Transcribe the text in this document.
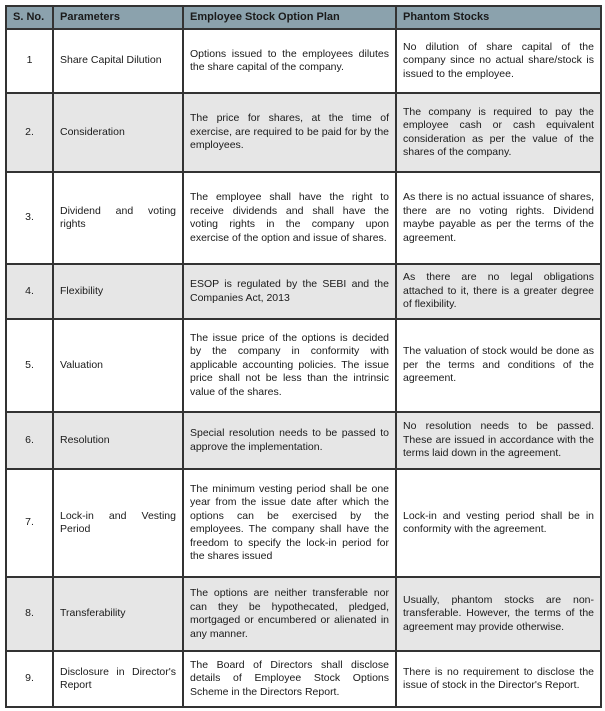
S. No.	Parameters	Employee Stock Option Plan	Phantom Stocks
1	Share Capital Dilution	Options issued to the employees dilutes the share capital of the company.	No dilution of share capital of the company since no actual share/stock is issued to the employee.
2.	Consideration	The price for shares, at the time of exercise, are required to be paid for by the employees.	The company is required to pay the employee cash or cash equivalent consideration as per the value of the shares of the company.
3.	Dividend and voting rights	The employee shall have the right to receive dividends and shall have the voting rights in the company upon exercise of the option and issue of shares.	As there is no actual issuance of shares, there are no voting rights. Dividend maybe payable as per the terms of the agreement.
4.	Flexibility	ESOP is regulated by the SEBI and the Companies Act, 2013	As there are no legal obligations attached to it, there is a greater degree of flexibility.
5.	Valuation	The issue price of the options is decided by the company in conformity with applicable accounting policies. The issue price shall not be less than the intrinsic value of the shares.	The valuation of stock would be done as per the terms and conditions of the agreement.
6.	Resolution	Special resolution needs to be passed to approve the implementation.	No resolution needs to be passed. These are issued in accordance with the terms laid down in the agreement.
7.	Lock-in and Vesting Period	The minimum vesting period shall be one year from the issue date after which the options can be exercised by the employees. The company shall have the freedom to specify the lock-in period for the shares issued	Lock-in and vesting period shall be in conformity with the agreement.
8.	Transferability	The options are neither transferable nor can they be hypothecated, pledged, mortgaged or encumbered or alienated in any manner.	Usually, phantom stocks are non-transferable. However, the terms of the agreement may provide otherwise.
9.	Disclosure in Director's Report	The Board of Directors shall disclose details of Employee Stock Options Scheme in the Directors Report.	There is no requirement to disclose the issue of stock in the Director's Report.
